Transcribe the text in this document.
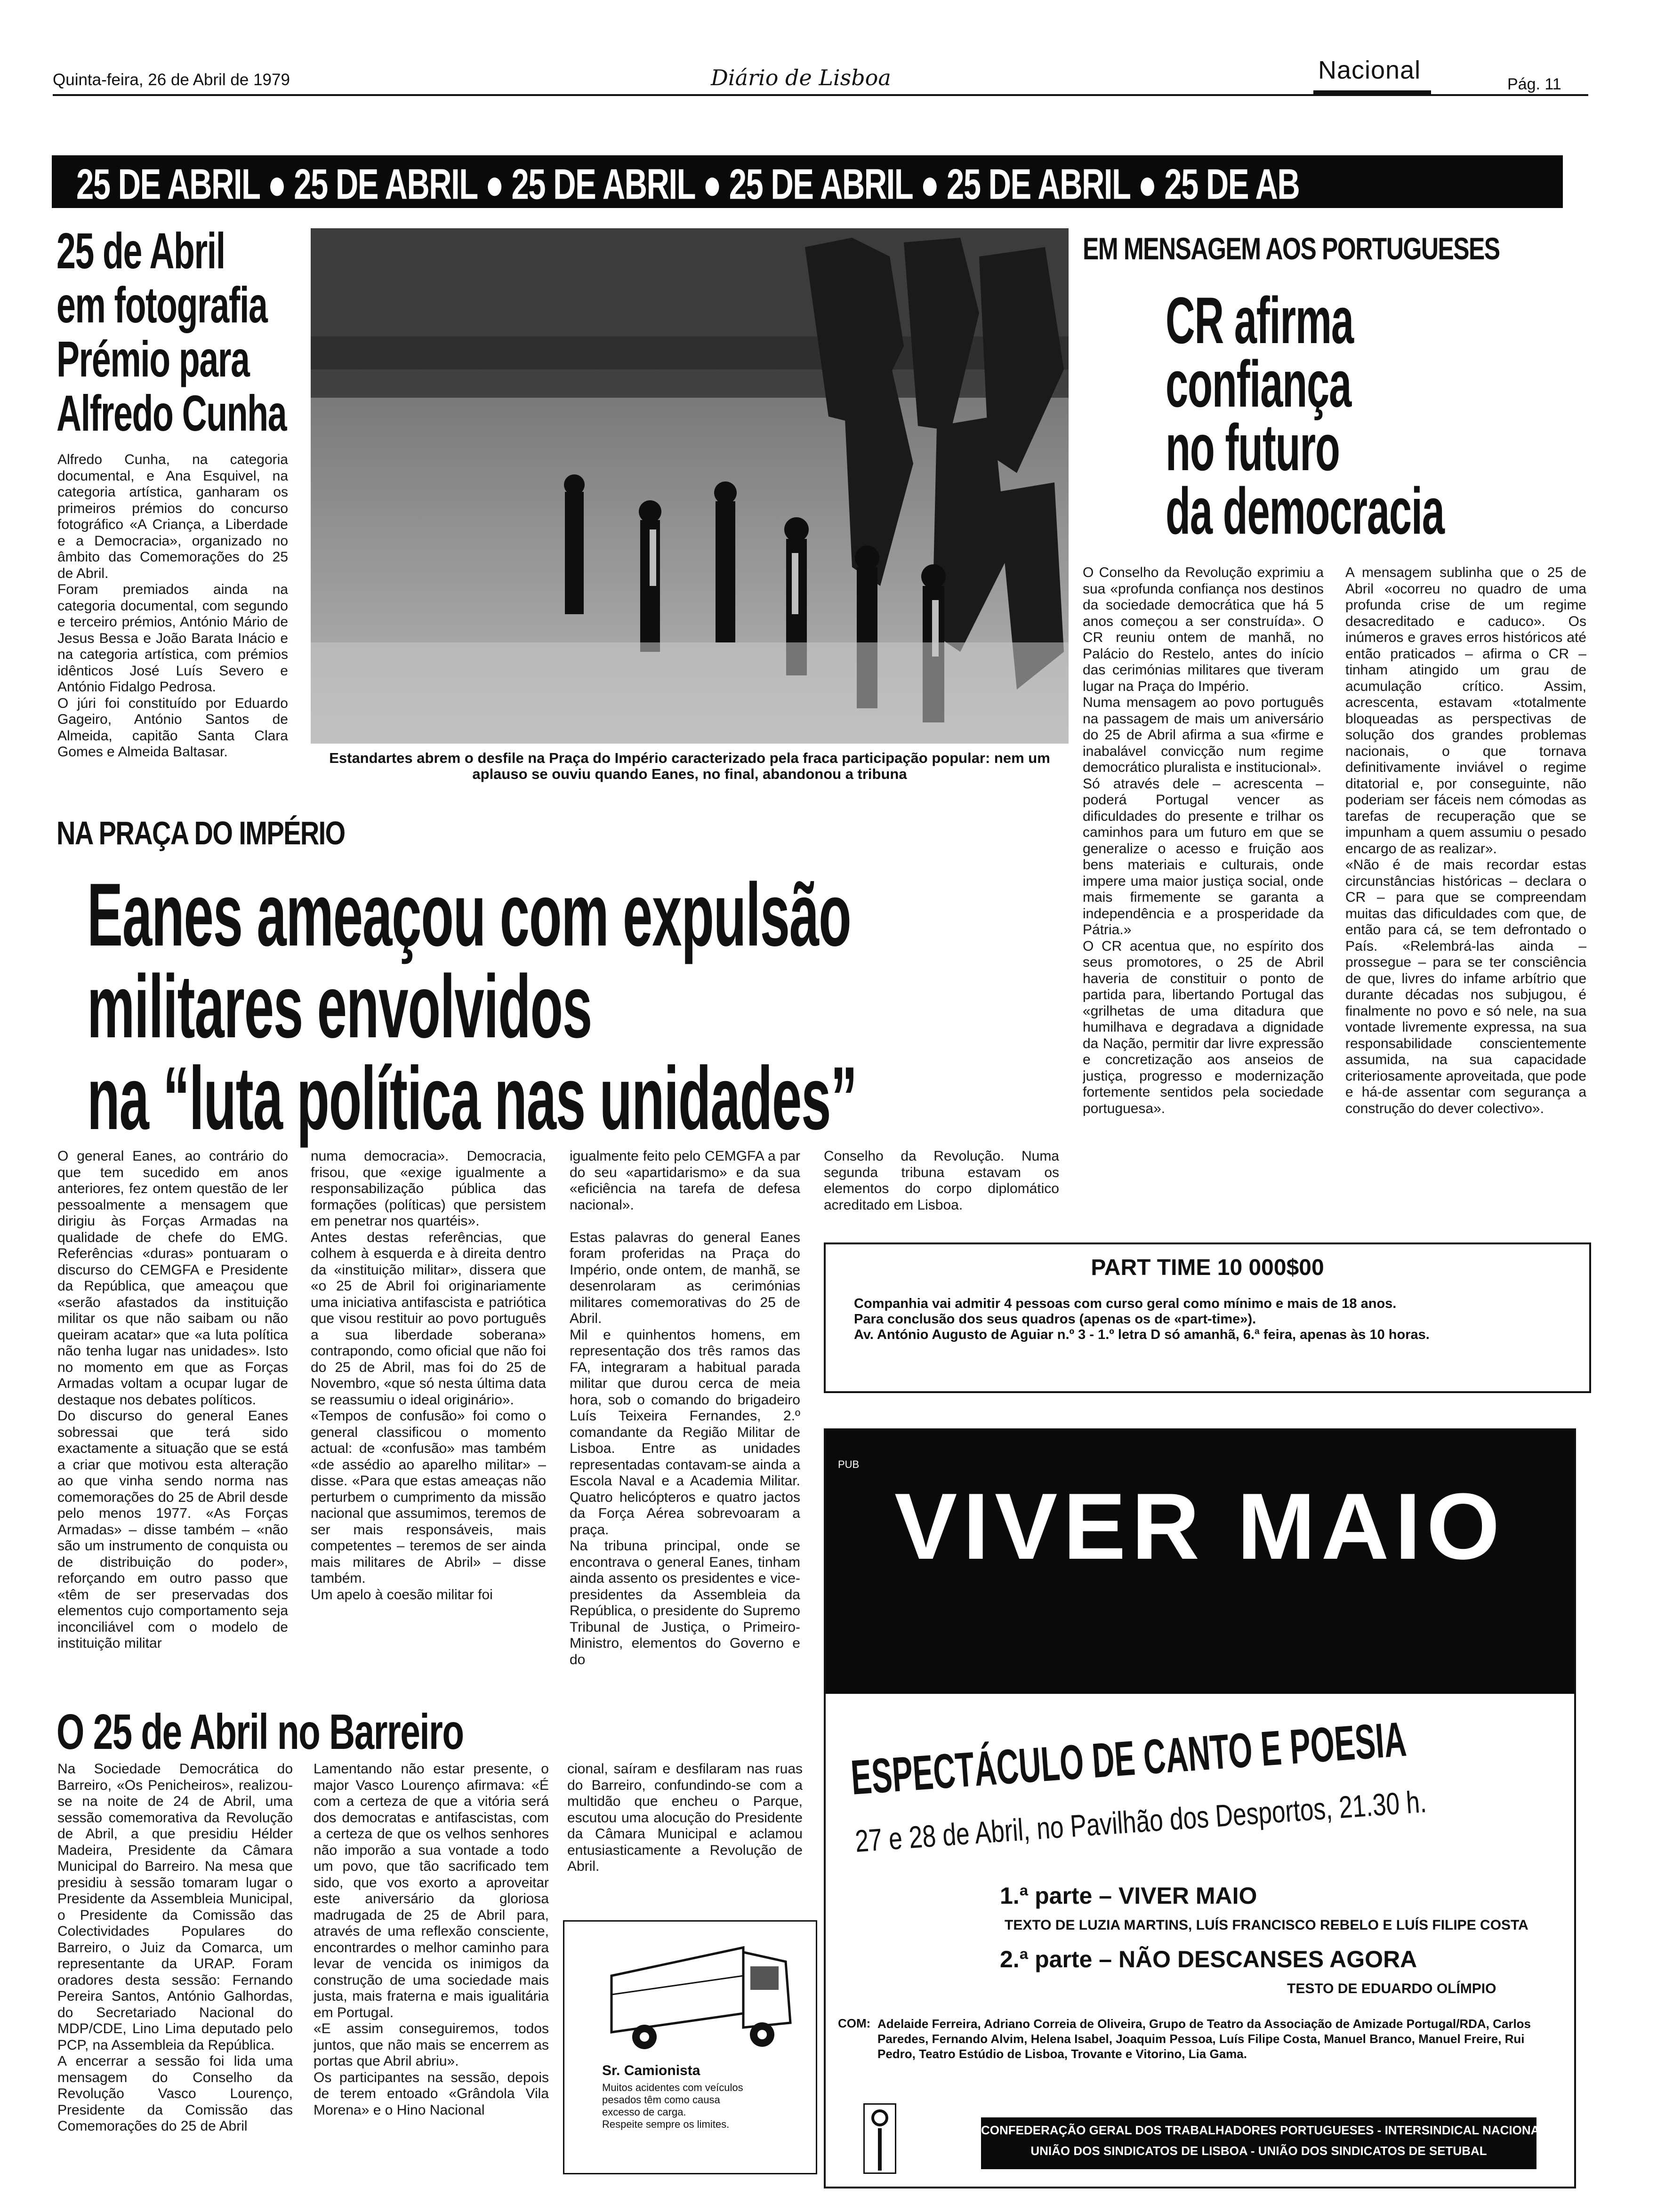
Quinta-feira, 26 de Abril de 1979	Diário de Lisboa	Nacional	Pág. 11
25 DE ABRIL ● 25 DE ABRIL ● 25 DE ABRIL ● 25 DE ABRIL ● 25 DE ABRIL ● 25 DE AB
25 de Abril
em fotografia
Prémio para
Alfredo Cunha
Alfredo Cunha, na categoria documental, e Ana Esquivel, na categoria artística, ganharam os primeiros prémios do concurso fotográfico «A Criança, a Liberdade e a Democracia», organizado no âmbito das Comemorações do 25 de Abril.
Foram premiados ainda na categoria documental, com segundo e terceiro prémios, António Mário de Jesus Bessa e João Barata Inácio e na categoria artística, com prémios idênticos José Luís Severo e António Fidalgo Pedrosa.
O júri foi constituído por Eduardo Gageiro, António Santos de Almeida, capitão Santa Clara Gomes e Almeida Baltasar.	Estandartes abrem o desfile na Praça do Império caracterizado pela fraca participação popular: nem um aplauso se ouviu quando Eanes, no final, abandonou a tribuna
EM MENSAGEM AOS PORTUGUESES
CR afirma
confiança
no futuro
da democracia
O Conselho da Revolução exprimiu a sua «profunda confiança nos destinos da sociedade democrática que há 5 anos começou a ser construída». O CR reuniu ontem de manhã, no Palácio do Restelo, antes do início das cerimónias militares que tiveram lugar na Praça do Império.
Numa mensagem ao povo português na passagem de mais um aniversário do 25 de Abril afirma a sua «firme e inabalável convicção num regime democrático pluralista e institucional».
Só através dele – acrescenta – poderá Portugal vencer as dificuldades do presente e trilhar os caminhos para um futuro em que se generalize o acesso e fruição aos bens materiais e culturais, onde impere uma maior justiça social, onde mais firmemente se garanta a independência e a prosperidade da Pátria.»
O CR acentua que, no espírito dos seus promotores, o 25 de Abril haveria de constituir o ponto de partida para, libertando Portugal das «grilhetas de uma ditadura que humilhava e degradava a dignidade da Nação, permitir dar livre expressão e concretização aos anseios de justiça, progresso e modernização fortemente sentidos pela sociedade portuguesa».
A mensagem sublinha que o 25 de Abril «ocorreu no quadro de uma profunda crise de um regime desacreditado e caduco». Os inúmeros e graves erros históricos até então praticados – afirma o CR – tinham atingido um grau de acumulação crítico. Assim, acrescenta, estavam «totalmente bloqueadas as perspectivas de solução dos grandes problemas nacionais, o que tornava definitivamente inviável o regime ditatorial e, por conseguinte, não poderiam ser fáceis nem cómodas as tarefas de recuperação que se impunham a quem assumiu o pesado encargo de as realizar».
«Não é de mais recordar estas circunstâncias históricas – declara o CR – para que se compreendam muitas das dificuldades com que, de então para cá, se tem defrontado o País. «Relembrá-las ainda – prossegue – para se ter consciência de que, livres do infame arbítrio que durante décadas nos subjugou, é finalmente no povo e só nele, na sua vontade livremente expressa, na sua responsabilidade conscientemente assumida, na sua capacidade criteriosamente aproveitada, que pode e há-de assentar com segurança a construção do dever colectivo».
NA PRAÇA DO IMPÉRIO
Eanes ameaçou com expulsão
militares envolvidos
na “luta política nas unidades”
O general Eanes, ao contrário do que tem sucedido em anos anteriores, fez ontem questão de ler pessoalmente a mensagem que dirigiu às Forças Armadas na qualidade de chefe do EMG. Referências «duras» pontuaram o discurso do CEMGFA e Presidente da República, que ameaçou que «serão afastados da instituição militar os que não saibam ou não queiram acatar» que «a luta política não tenha lugar nas unidades». Isto no momento em que as Forças Armadas voltam a ocupar lugar de destaque nos debates políticos.
Do discurso do general Eanes sobressai que terá sido exactamente a situação que se está a criar que motivou esta alteração ao que vinha sendo norma nas comemorações do 25 de Abril desde pelo menos 1977. «As Forças Armadas» – disse também – «não são um instrumento de conquista ou de distribuição do poder», reforçando em outro passo que «têm de ser preservadas dos elementos cujo comportamento seja inconciliável com o modelo de instituição militar
numa democracia». Democracia, frisou, que «exige igualmente a responsabilização pública das formações (políticas) que persistem em penetrar nos quartéis».
Antes destas referências, que colhem à esquerda e à direita dentro da «instituição militar», dissera que «o 25 de Abril foi originariamente uma iniciativa antifascista e patriótica que visou restituir ao povo português a sua liberdade soberana» contrapondo, como oficial que não foi do 25 de Abril, mas foi do 25 de Novembro, «que só nesta última data se reassumiu o ideal originário».
«Tempos de confusão» foi como o general classificou o momento actual: de «confusão» mas também «de assédio ao aparelho militar» – disse. «Para que estas ameaças não perturbem o cumprimento da missão nacional que assumimos, teremos de ser mais responsáveis, mais competentes – teremos de ser ainda mais militares de Abril» – disse também.
Um apelo à coesão militar foi
igualmente feito pelo CEMGFA a par do seu «apartidarismo» e da sua «eficiência na tarefa de defesa nacional».

Estas palavras do general Eanes foram proferidas na Praça do Império, onde ontem, de manhã, se desenrolaram as cerimónias militares comemorativas do 25 de Abril.
Mil e quinhentos homens, em representação dos três ramos das FA, integraram a habitual parada militar que durou cerca de meia hora, sob o comando do brigadeiro Luís Teixeira Fernandes, 2.º comandante da Região Militar de Lisboa. Entre as unidades representadas contavam-se ainda a Escola Naval e a Academia Militar. Quatro helicópteros e quatro jactos da Força Aérea sobrevoaram a praça.
Na tribuna principal, onde se encontrava o general Eanes, tinham ainda assento os presidentes e vice-presidentes da Assembleia da República, o presidente do Supremo Tribunal de Justiça, o Primeiro-Ministro, elementos do Governo e do
Conselho da Revolução. Numa segunda tribuna estavam os elementos do corpo diplomático acreditado em Lisboa.
O 25 de Abril no Barreiro
Na Sociedade Democrática do Barreiro, «Os Penicheiros», realizou-se na noite de 24 de Abril, uma sessão comemorativa da Revolução de Abril, a que presidiu Hélder Madeira, Presidente da Câmara Municipal do Barreiro. Na mesa que presidiu à sessão tomaram lugar o Presidente da Assembleia Municipal, o Presidente da Comissão das Colectividades Populares do Barreiro, o Juiz da Comarca, um representante da URAP. Foram oradores desta sessão: Fernando Pereira Santos, António Galhordas, do Secretariado Nacional do MDP/CDE, Lino Lima deputado pelo PCP, na Assembleia da República.
A encerrar a sessão foi lida uma mensagem do Conselho da Revolução Vasco Lourenço, Presidente da Comissão das Comemorações do 25 de Abril
Lamentando não estar presente, o major Vasco Lourenço afirmava: «É com a certeza de que a vitória será dos democratas e antifascistas, com a certeza de que os velhos senhores não imporão a sua vontade a todo um povo, que tão sacrificado tem sido, que vos exorto a aproveitar este aniversário da gloriosa madrugada de 25 de Abril para, através de uma reflexão consciente, encontrardes o melhor caminho para levar de vencida os inimigos da construção de uma sociedade mais justa, mais fraterna e mais igualitária em Portugal.
«E assim conseguiremos, todos juntos, que não mais se encerrem as portas que Abril abriu».
Os participantes na sessão, depois de terem entoado «Grândola Vila Morena» e o Hino Nacional
cional, saíram e desfilaram nas ruas do Barreiro, confundindo-se com a multidão que encheu o Parque, escutou uma alocução do Presidente da Câmara Municipal e aclamou entusiasticamente a Revolução de Abril.
Sr. Camionista
Muitos acidentes com veículos pesados têm como causa excesso de carga.
Respeite sempre os limites.
PART TIME 10 000$00
Companhia vai admitir 4 pessoas com curso geral como mínimo e mais de 18 anos.
Para conclusão dos seus quadros (apenas os de «part-time»).
Av. António Augusto de Aguiar n.º 3 - 1.º letra D só amanhã, 6.ª feira, apenas às 10 horas.
PUB
VIVER MAIO
ESPECTÁCULO DE CANTO E POESIA
27 e 28 de Abril, no Pavilhão dos Desportos, 21.30 h.
1.ª parte – VIVER MAIO
TEXTO DE LUZIA MARTINS, LUÍS FRANCISCO REBELO E LUÍS FILIPE COSTA
2.ª parte – NÃO DESCANSES AGORA
TESTO DE EDUARDO OLÍMPIO
COM: Adelaide Ferreira, Adriano Correia de Oliveira, Grupo de Teatro da Associação de Amizade Portugal/RDA, Carlos Paredes, Fernando Alvim, Helena Isabel, Joaquim Pessoa, Luís Filipe Costa, Manuel Branco, Manuel Freire, Rui Pedro, Teatro Estúdio de Lisboa, Trovante e Vitorino, Lia Gama.
CONFEDERAÇÃO GERAL DOS TRABALHADORES PORTUGUESES - INTERSINDICAL NACIONAL
UNIÃO DOS SINDICATOS DE LISBOA - UNIÃO DOS SINDICATOS DE SETUBAL
